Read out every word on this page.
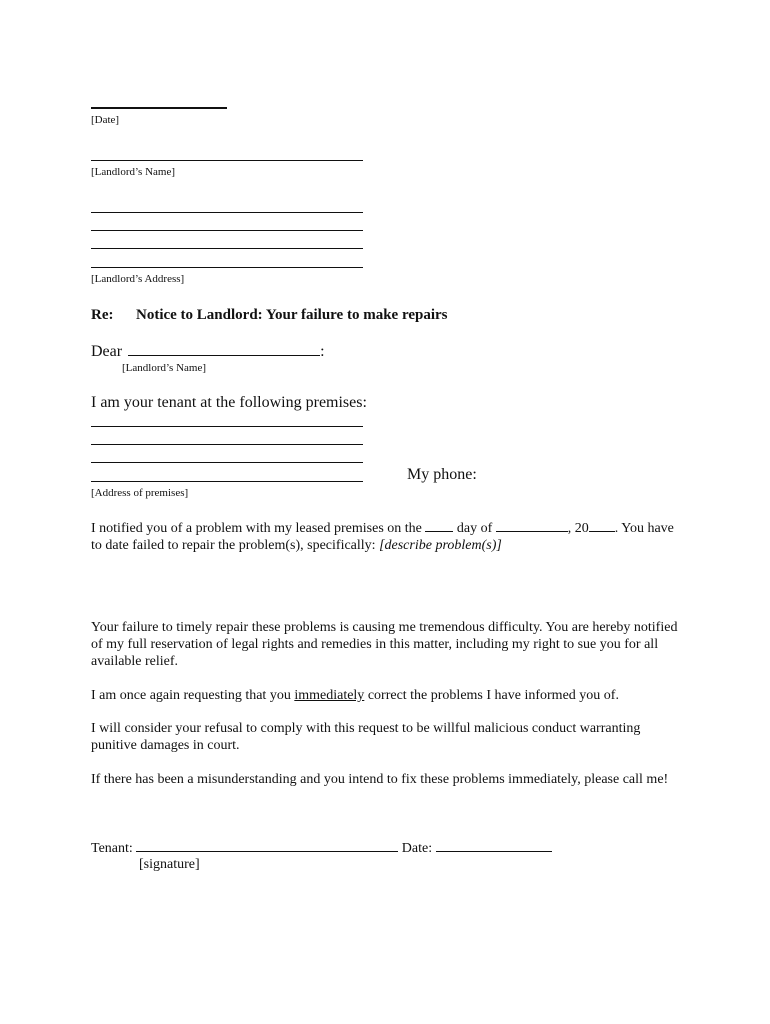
[Date]
[Landlord’s Name]
[Landlord’s Address]
Re: Notice to Landlord: Your failure to make repairs
Dear	:
[Landlord’s Name]
I am your tenant at the following premises:
My phone:
[Address of premises]

I notified you of a problem with my leased premises on the	day of	, 20 . You have

to date failed to repair the problem(s), specifically: [describe problem(s)]

Your failure to timely repair these problems is causing me tremendous difficulty. You are hereby notified of my full reservation of legal rights and remedies in this matter, including my right to sue you for all available relief.
I am once again requesting that you immediately correct the problems I have informed you of.
I will consider your refusal to comply with this request to be willful malicious conduct warranting punitive damages in court.
If there has been a misunderstanding and you intend to fix these problems immediately, please call me!
Tenant:	Date:
[signature]
